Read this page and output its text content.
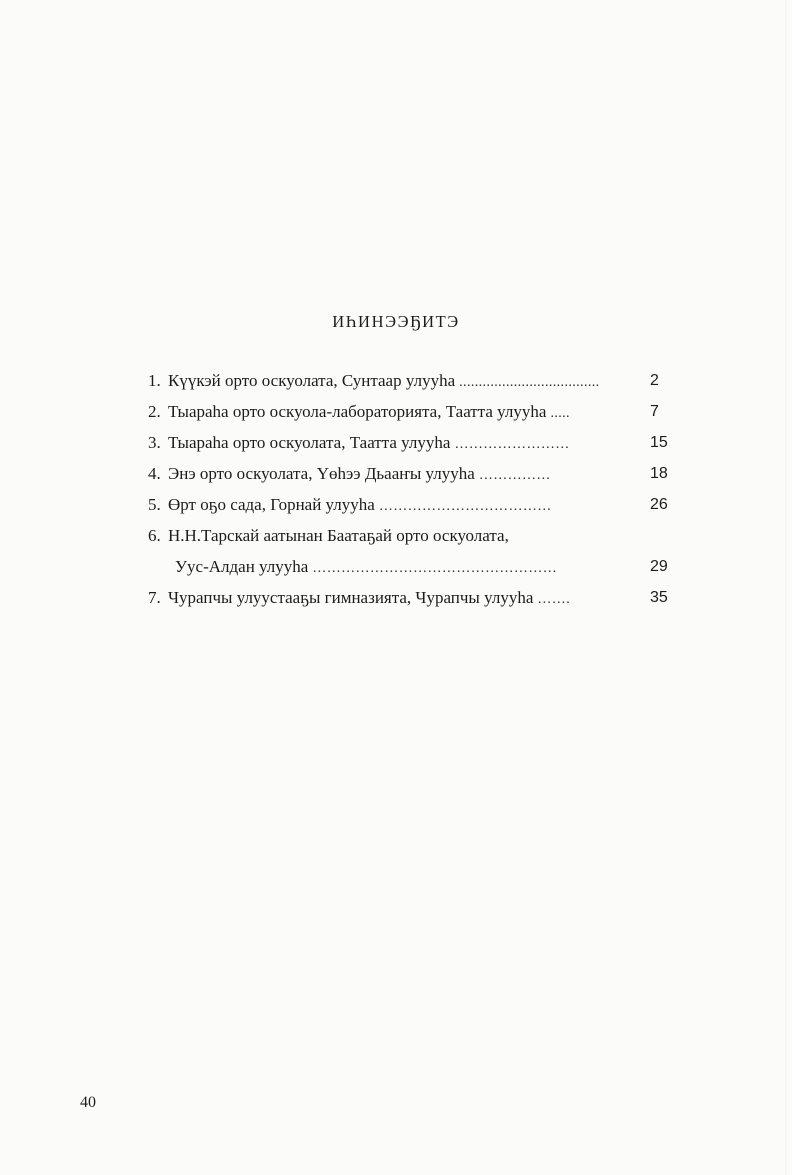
ИҺИНЭЭҔИТЭ
1. Күүкэй орто оскуолата, Сунтаар улууһа ....................................	2
2. Тыараһа орто оскуола-лабораторията, Таатта улууһа .....	7
3. Тыараһа орто оскуолата, Таатта улууһа ……………………	15
4. Энэ орто оскуолата, Үөһээ Дьааҥы улууһа ……………	18
5. Өрт оҕо сада, Горнай улууһа ………………………………	26
6. Н.Н.Тарскай аатынан Баатаҕай орто оскуолата,
Уус-Алдан улууһа ……………………………………………	29
7. Чурапчы улуустааҕы гимназията, Чурапчы улууһа …….	35
40
